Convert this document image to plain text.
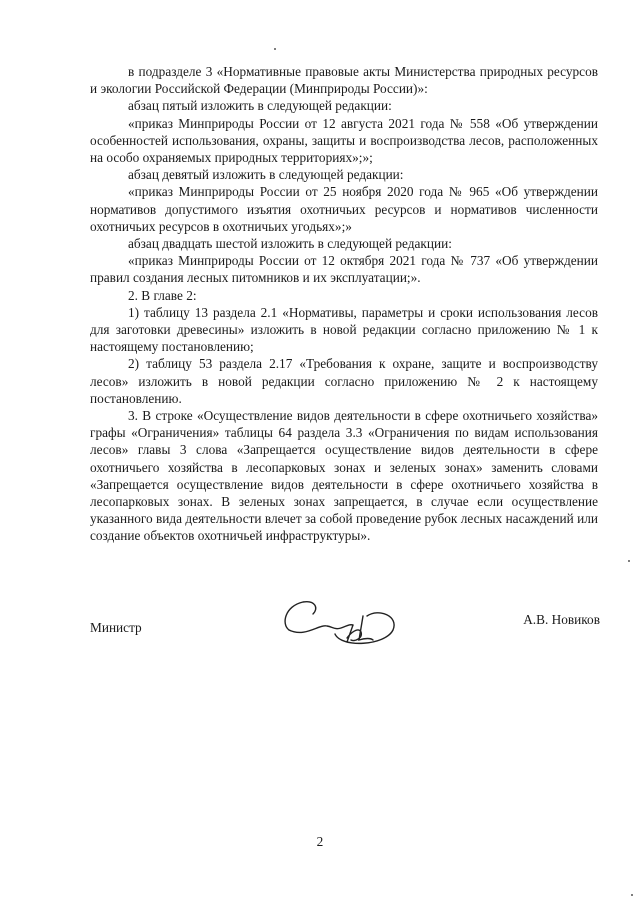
в подразделе 3 «Нормативные правовые акты Министерства природных ресурсов и экологии Российской Федерации (Минприроды России)»:

абзац пятый изложить в следующей редакции:

«приказ Минприроды России от 12 августа 2021 года № 558 «Об утверждении особенностей использования, охраны, защиты и воспроизводства лесов, расположенных на особо охраняемых природных территориях»;»;

абзац девятый изложить в следующей редакции:

«приказ Минприроды России от 25 ноября 2020 года № 965 «Об утверждении нормативов допустимого изъятия охотничьих ресурсов и нормативов численности охотничьих ресурсов в охотничьих угодьях»;»

абзац двадцать шестой изложить в следующей редакции:

«приказ Минприроды России от 12 октября 2021 года № 737 «Об утверждении правил создания лесных питомников и их эксплуатации;».

2. В главе 2:

1) таблицу 13 раздела 2.1 «Нормативы, параметры и сроки использования лесов для заготовки древесины» изложить в новой редакции согласно приложению № 1 к настоящему постановлению;

2) таблицу 53 раздела 2.17 «Требования к охране, защите и воспроизводству лесов» изложить в новой редакции согласно приложению № 2 к настоящему постановлению.

3. В строке «Осуществление видов деятельности в сфере охотничьего хозяйства» графы «Ограничения» таблицы 64 раздела 3.3 «Ограничения по видам использования лесов» главы 3 слова «Запрещается осуществление видов деятельности в сфере охотничьего хозяйства в лесопарковых зонах и зеленых зонах» заменить словами «Запрещается осуществление видов деятельности в сфере охотничьего хозяйства в лесопарковых зонах. В зеленых зонах запрещается, в случае если осуществление указанного вида деятельности влечет за собой проведение рубок лесных насаждений или создание объектов охотничьей инфраструктуры».

Министр
А.В. Новиков
2
